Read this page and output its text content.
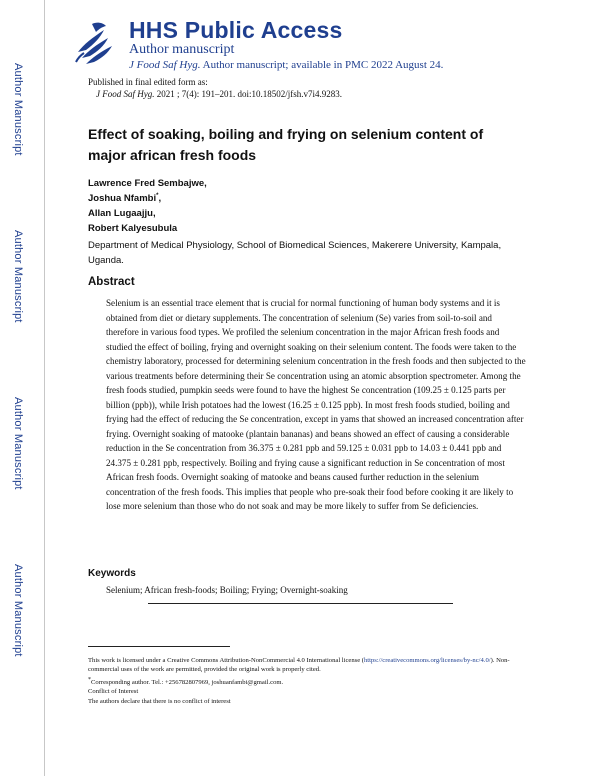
Author Manuscript
Author Manuscript
Author Manuscript
Author Manuscript
HHS Public Access
Author manuscript
J Food Saf Hyg. Author manuscript; available in PMC 2022 August 24.
Published in final edited form as:
J Food Saf Hyg. 2021 ; 7(4): 191–201. doi:10.18502/jfsh.v7i4.9283.
Effect of soaking, boiling and frying on selenium content of major african fresh foods
Lawrence Fred Sembajwe,
Joshua Nfambi*,
Allan Lugaajju,
Robert Kalyesubula
Department of Medical Physiology, School of Biomedical Sciences, Makerere University, Kampala, Uganda.
Abstract
Selenium is an essential trace element that is crucial for normal functioning of human body systems and it is obtained from diet or dietary supplements. The concentration of selenium (Se) varies from soil-to-soil and therefore in various food types. We profiled the selenium concentration in the major African fresh foods and studied the effect of boiling, frying and overnight soaking on their selenium content. The foods were taken to the chemistry laboratory, processed for determining selenium concentration in the fresh foods and then subjected to the various treatments before determining their Se concentration using an atomic absorption spectrometer. Among the fresh foods studied, pumpkin seeds were found to have the highest Se concentration (109.25 ± 0.125 parts per billion (ppb)), while Irish potatoes had the lowest (16.25 ± 0.125 ppb). In most fresh foods studied, boiling and frying had the effect of reducing the Se concentration, except in yams that showed an increased concentration after frying. Overnight soaking of matooke (plantain bananas) and beans showed an effect of causing a considerable reduction in the Se concentration from 36.375 ± 0.281 ppb and 59.125 ± 0.031 ppb to 14.03 ± 0.441 ppb and 24.375 ± 0.281 ppb, respectively. Boiling and frying cause a significant reduction in Se concentration of most African fresh foods. Overnight soaking of matooke and beans caused further reduction in the selenium concentration of the fresh foods. This implies that people who pre-soak their food before cooking it are likely to lose more selenium than those who do not soak and may be more likely to suffer from Se deficiencies.
Keywords
Selenium; African fresh-foods; Boiling; Frying; Overnight-soaking
This work is licensed under a Creative Commons Attribution-NonCommercial 4.0 International license (https://creativecommons.org/licenses/by-nc/4.0/). Non-commercial uses of the work are permitted, provided the original work is properly cited.
*Corresponding author. Tel.: +256782807969, joshuanfambi@gmail.com.
Conflict of Interest
The authors declare that there is no conflict of interest
